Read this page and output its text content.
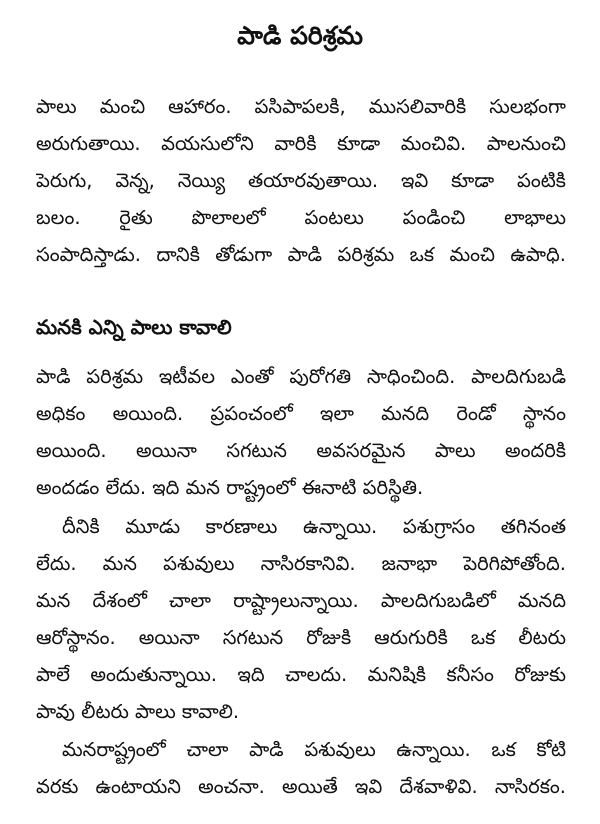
పాడి పరిశ్రమ
పాలు మంచి ఆహారం. పసిపాపలకి, ముసలివారికి సులభంగా
అరుగుతాయి. వయసులోని వారికి కూడా మంచివి. పాలనుంచి
పెరుగు, వెన్న, నెయ్యి తయారవుతాయి. ఇవి కూడా పంటికి
బలం. రైతు పొలాలలో పంటలు పండించి లాభాలు
సంపాదిస్తాడు. దానికి తోడుగా పాడి పరిశ్రమ ఒక మంచి ఉపాధి.
మనకి ఎన్ని పాలు కావాలి
పాడి పరిశ్రమ ఇటీవల ఎంతో పురోగతి సాధించింది. పాలదిగుబడి
అధికం అయింది. ప్రపంచంలో ఇలా మనది రెండో స్థానం
అయింది. అయినా సగటున అవసరమైన పాలు అందరికి
అందడం లేదు. ఇది మన రాష్ట్రంలో ఈనాటి పరిస్థితి.
దీనికి మూడు కారణాలు ఉన్నాయి. పశుగ్రాసం తగినంత
లేదు. మన పశువులు నాసిరకానివి. జనాభా పెరిగిపోతోంది.
మన దేశంలో చాలా రాష్ట్రాలున్నాయి. పాలదిగుబడిలో మనది
ఆరోస్థానం. అయినా సగటున రోజుకి ఆరుగురికి ఒక లీటరు
పాలే అందుతున్నాయి. ఇది చాలదు. మనిషికి కనీసం రోజుకు
పావు లీటరు పాలు కావాలి.
మనరాష్ట్రంలో చాలా పాడి పశువులు ఉన్నాయి. ఒక కోటి
వరకు ఉంటాయని అంచనా. అయితే ఇవి దేశవాళివి. నాసిరకం.
